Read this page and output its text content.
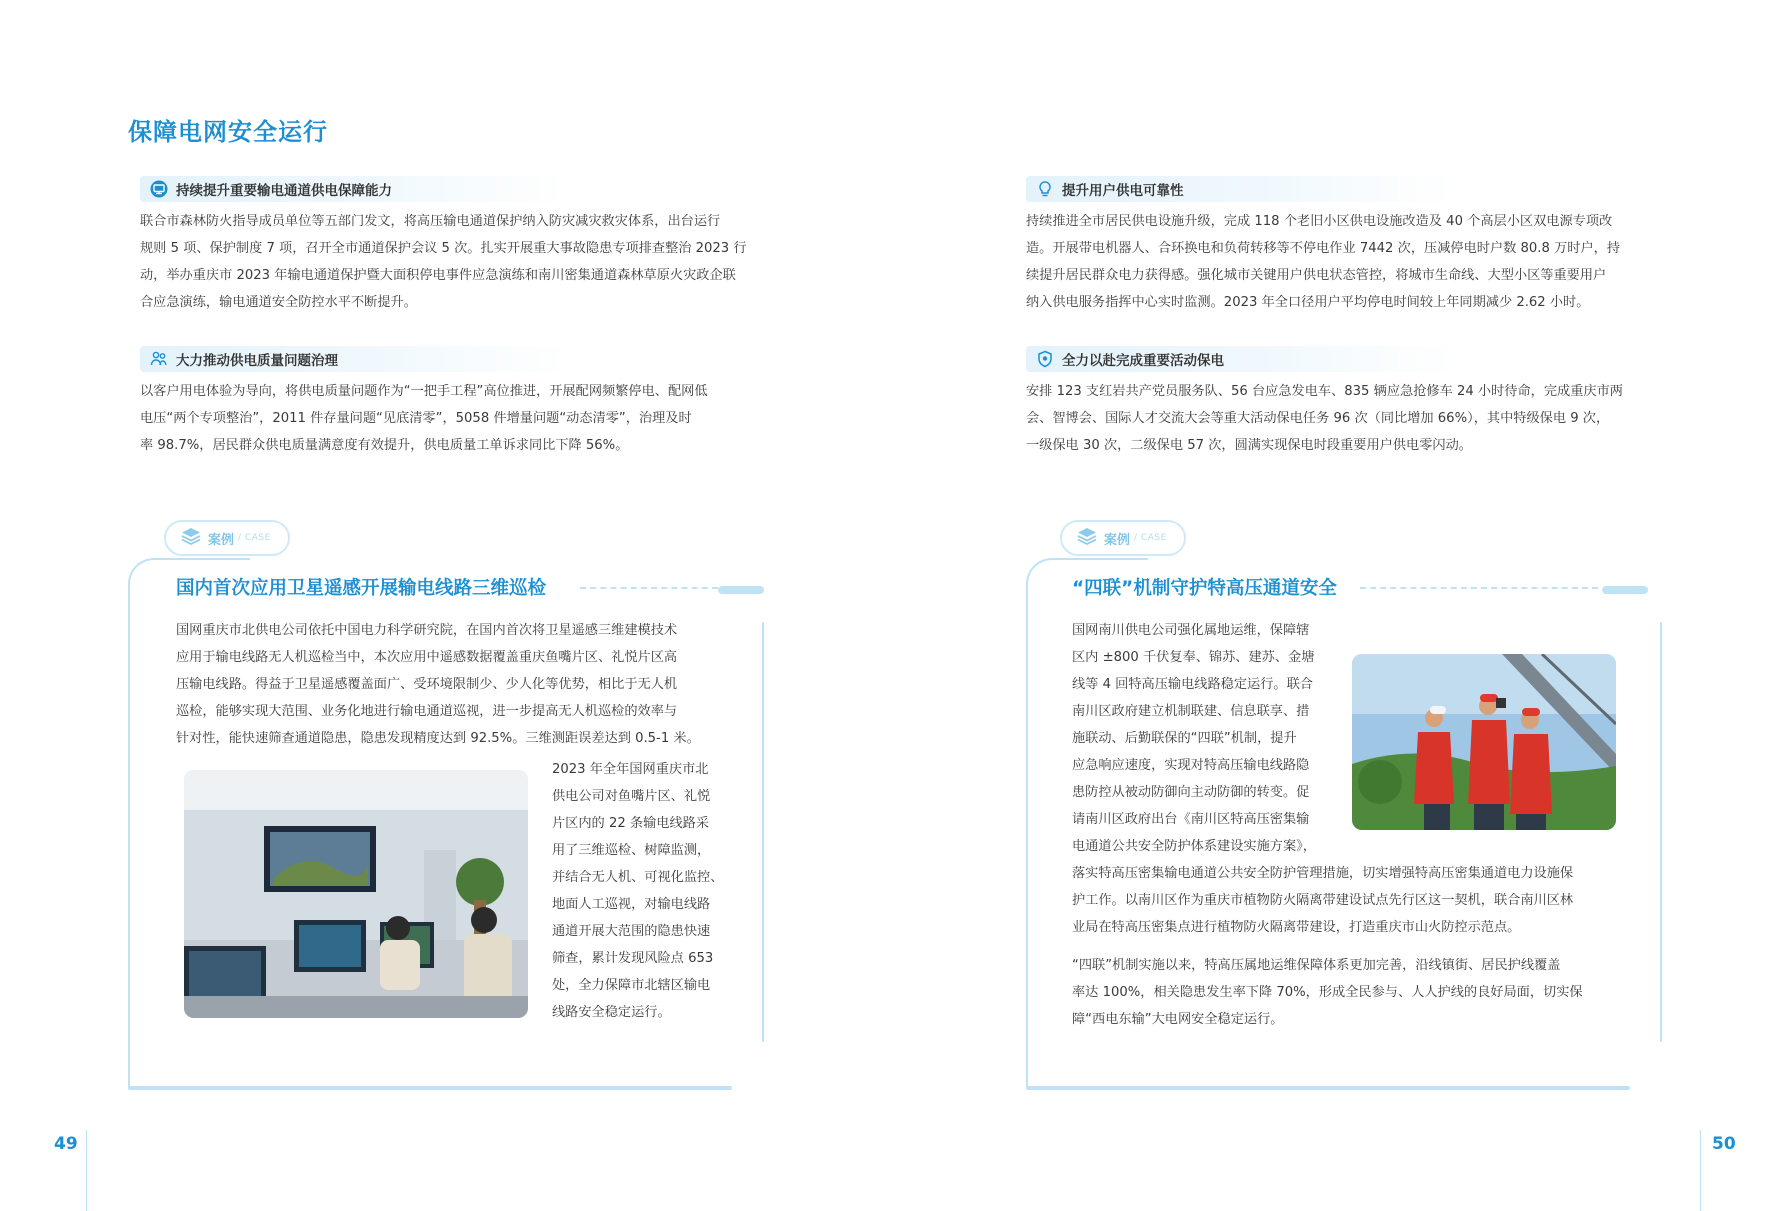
保障电网安全运行
持续提升重要输电通道供电保障能力

联合市森林防火指导成员单位等五部门发文，将高压输电通道保护纳入防灾减灾救灾体系，出台运行

规则 5 项、保护制度 7 项，召开全市通道保护会议 5 次。扎实开展重大事故隐患专项排查整治 2023 行

动，举办重庆市 2023 年输电通道保护暨大面积停电事件应急演练和南川密集通道森林草原火灾政企联

合应急演练，输电通道安全防控水平不断提升。

大力推动供电质量问题治理

以客户用电体验为导向，将供电质量问题作为“一把手工程”高位推进，开展配网频繁停电、配网低

电压“两个专项整治”，2011 件存量问题“见底清零”，5058 件增量问题“动态清零”，治理及时

率 98.7%，居民群众供电质量满意度有效提升，供电质量工单诉求同比下降 56%。

案例 / CASE
国内首次应用卫星遥感开展输电线路三维巡检

国网重庆市北供电公司依托中国电力科学研究院，在国内首次将卫星遥感三维建模技术

应用于输电线路无人机巡检当中，本次应用中遥感数据覆盖重庆鱼嘴片区、礼悦片区高

压输电线路。得益于卫星遥感覆盖面广、受环境限制少、少人化等优势，相比于无人机

巡检，能够实现大范围、业务化地进行输电通道巡视，进一步提高无人机巡检的效率与

针对性，能快速筛查通道隐患，隐患发现精度达到 92.5%。三维测距误差达到 0.5-1 米。

2023 年全年国网重庆市北

供电公司对鱼嘴片区、礼悦

片区内的 22 条输电线路采

用了三维巡检、树障监测，

并结合无人机、可视化监控、

地面人工巡视，对输电线路

通道开展大范围的隐患快速

筛查，累计发现风险点 653

处，全力保障市北辖区输电

线路安全稳定运行。

49
提升用户供电可靠性

持续推进全市居民供电设施升级，完成 118 个老旧小区供电设施改造及 40 个高层小区双电源专项改

造。开展带电机器人、合环换电和负荷转移等不停电作业 7442 次，压减停电时户数 80.8 万时户，持

续提升居民群众电力获得感。强化城市关键用户供电状态管控，将城市生命线、大型小区等重要用户

纳入供电服务指挥中心实时监测。2023 年全口径用户平均停电时间较上年同期减少 2.62 小时。

全力以赴完成重要活动保电

安排 123 支红岩共产党员服务队、56 台应急发电车、835 辆应急抢修车 24 小时待命，完成重庆市两

会、智博会、国际人才交流大会等重大活动保电任务 96 次（同比增加 66%），其中特级保电 9 次，

一级保电 30 次，二级保电 57 次，圆满实现保电时段重要用户供电零闪动。

案例 / CASE
“四联”机制守护特高压通道安全

国网南川供电公司强化属地运维，保障辖

区内 ±800 千伏复奉、锦苏、建苏、金塘

线等 4 回特高压输电线路稳定运行。联合

南川区政府建立机制联建、信息联享、措

施联动、后勤联保的“四联”机制，提升

应急响应速度，实现对特高压输电线路隐

患防控从被动防御向主动防御的转变。促

请南川区政府出台《南川区特高压密集输

电通道公共安全防护体系建设实施方案》，

落实特高压密集输电通道公共安全防护管理措施，切实增强特高压密集通道电力设施保

护工作。以南川区作为重庆市植物防火隔离带建设试点先行区这一契机，联合南川区林

业局在特高压密集点进行植物防火隔离带建设，打造重庆市山火防控示范点。

“四联”机制实施以来，特高压属地运维保障体系更加完善，沿线镇街、居民护线覆盖

率达 100%，相关隐患发生率下降 70%，形成全民参与、人人护线的良好局面，切实保

障“西电东输”大电网安全稳定运行。

50
